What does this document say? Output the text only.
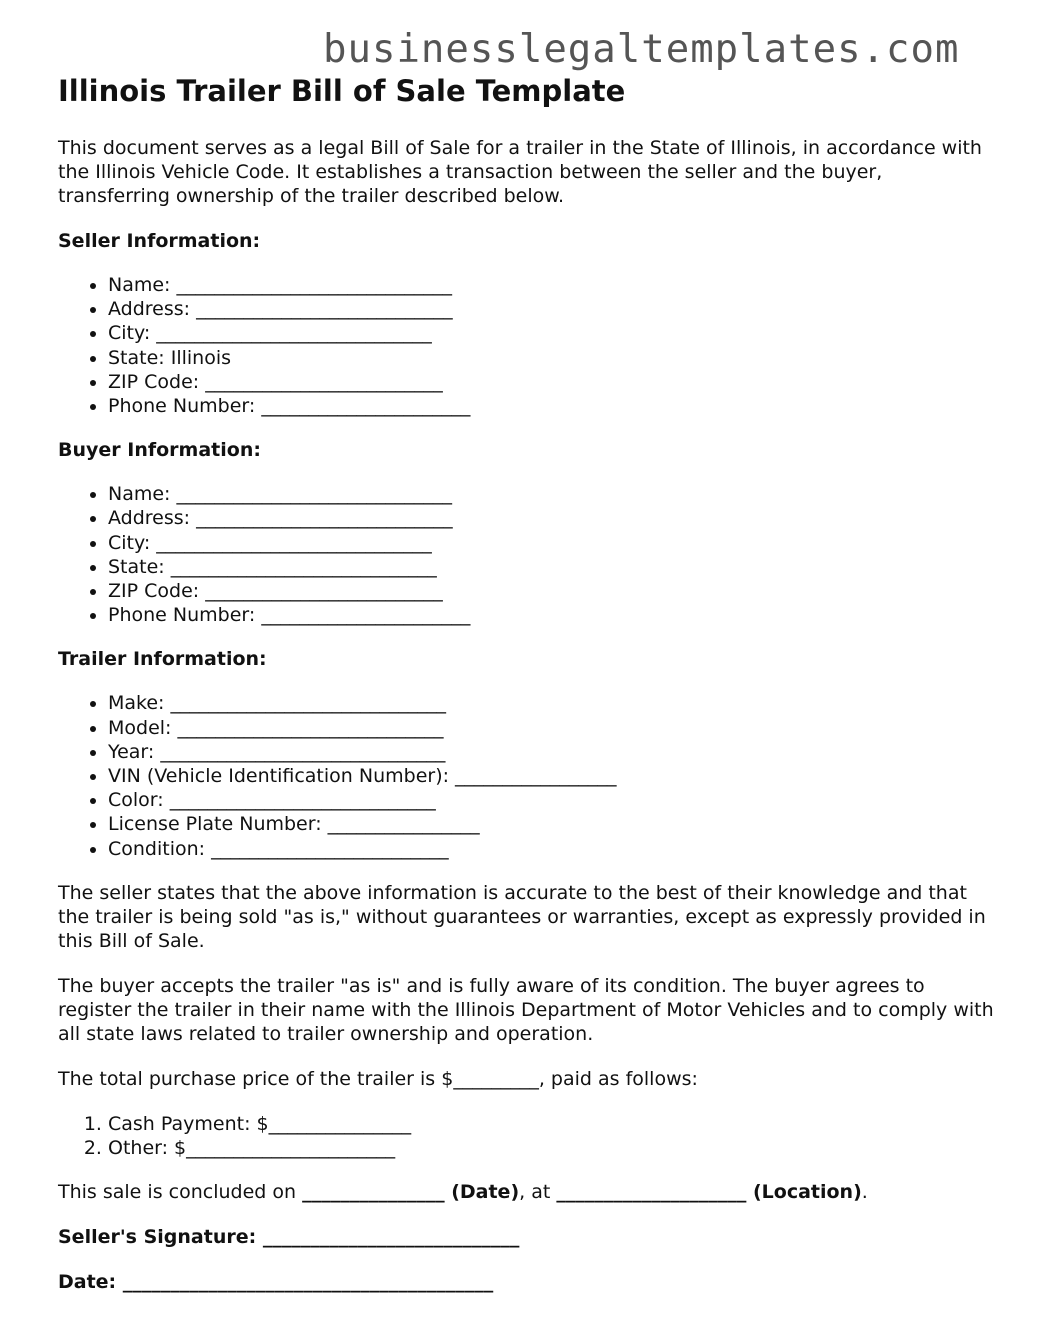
businesslegaltemplates.com
Illinois Trailer Bill of Sale Template

This document serves as a legal Bill of Sale for a trailer in the State of Illinois, in accordance with the Illinois Vehicle Code. It establishes a transaction between the seller and the buyer, transferring ownership of the trailer described below.

Seller Information:
• Name: _____________________________
• Address: ___________________________
• City: _____________________________
• State: Illinois
• ZIP Code: _________________________
• Phone Number: ______________________
Buyer Information:
• Name: _____________________________
• Address: ___________________________
• City: _____________________________
• State: ____________________________
• ZIP Code: _________________________
• Phone Number: ______________________
Trailer Information:
• Make: _____________________________
• Model: ____________________________
• Year: ______________________________
• VIN (Vehicle Identification Number): _________________
• Color: ____________________________
• License Plate Number: ________________
• Condition: _________________________

The seller states that the above information is accurate to the best of their knowledge and that the trailer is being sold "as is," without guarantees or warranties, except as expressly provided in this Bill of Sale.

The buyer accepts the trailer "as is" and is fully aware of its condition. The buyer agrees to register the trailer in their name with the Illinois Department of Motor Vehicles and to comply with all state laws related to trailer ownership and operation.

The total purchase price of the trailer is $_________, paid as follows:

1. Cash Payment: $_______________
2. Other: $______________________

This sale is concluded on _______________ (Date), at ____________________ (Location).

Seller's Signature: ___________________________

Date: _______________________________________
